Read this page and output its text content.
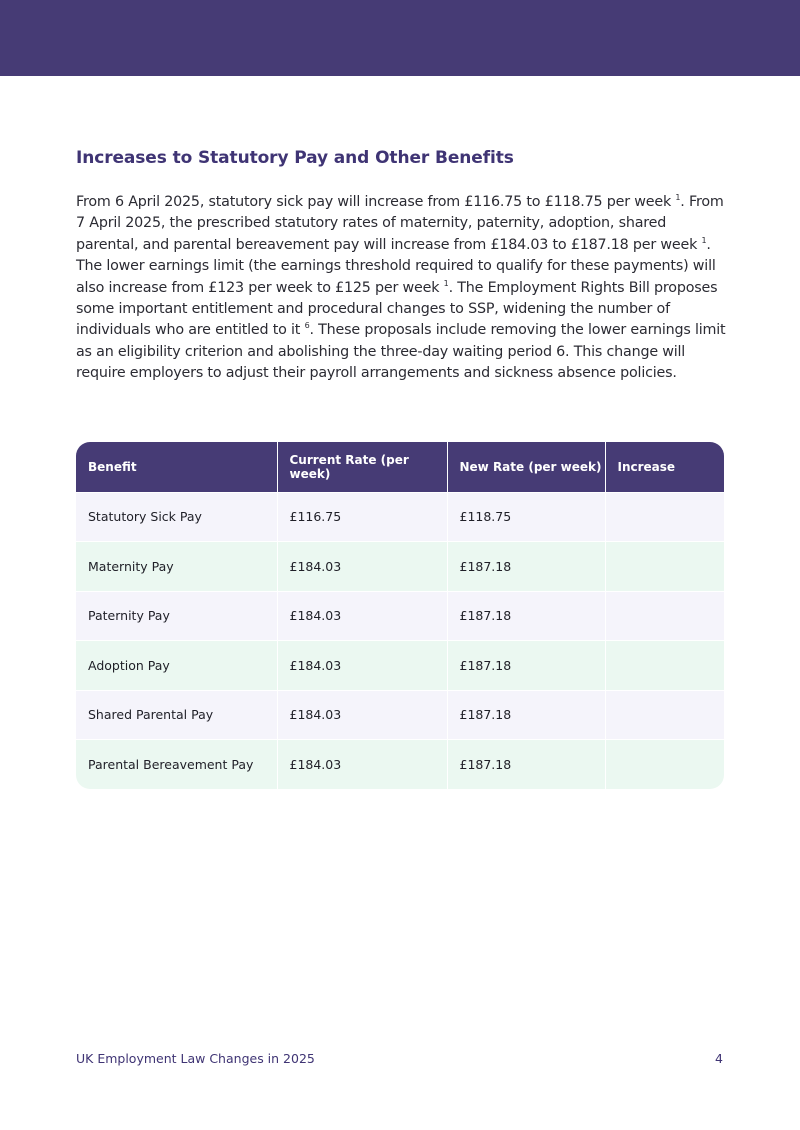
Increases to Statutory Pay and Other Benefits

From 6 April 2025, statutory sick pay will increase from £116.75 to £118.75 per week $^1$. From 7 April 2025, the prescribed statutory rates of maternity, paternity, adoption, shared parental, and parental bereavement pay will increase from £184.03 to £187.18 per week $^1$. The lower earnings limit (the earnings threshold required to qualify for these payments) will also increase from £123 per week to £125 per week $^1$. The Employment Rights Bill proposes some important entitlement and procedural changes to SSP, widening the number of individuals who are entitled to it $^6$. These proposals include removing the lower earnings limit as an eligibility criterion and abolishing the three-day waiting period 6. This change will require employers to adjust their payroll arrangements and sickness absence policies.

Benefit	Current Rate (per week)	New Rate (per week)	Increase
Statutory Sick Pay	£116.75	£118.75	
Maternity Pay	£184.03	£187.18	
Paternity Pay	£184.03	£187.18	
Adoption Pay	£184.03	£187.18	
Shared Parental Pay	£184.03	£187.18	
Parental Bereavement Pay	£184.03	£187.18	
UK Employment Law Changes in 2025	4
